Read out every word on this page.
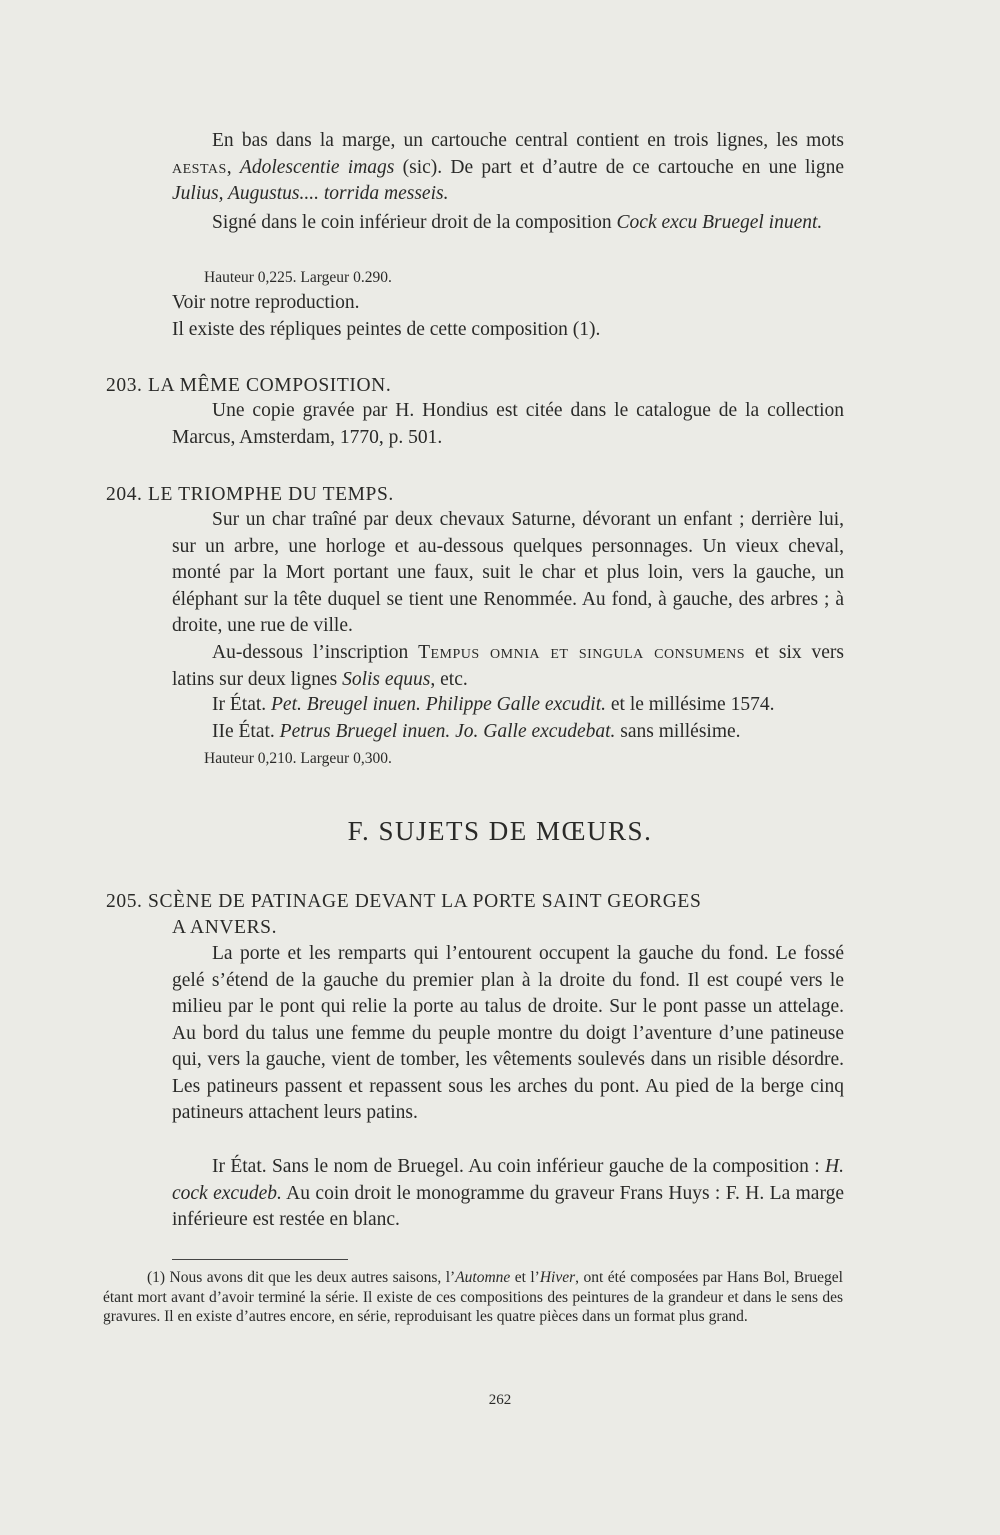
En bas dans la marge, un cartouche central contient en trois lignes, les mots aestas, Adolescentie imags (sic). De part et d’autre de ce cartouche en une ligne Julius, Augustus.... torrida messeis.
Signé dans le coin inférieur droit de la composition Cock excu Bruegel inuent.
Hauteur 0,225. Largeur 0.290.
Voir notre reproduction.
Il existe des répliques peintes de cette composition (1).
203. LA MÊME COMPOSITION.
Une copie gravée par H. Hondius est citée dans le catalogue de la collection Marcus, Amsterdam, 1770, p. 501.
204. LE TRIOMPHE DU TEMPS.
Sur un char traîné par deux chevaux Saturne, dévorant un enfant ; derrière lui, sur un arbre, une horloge et au-dessous quelques personnages. Un vieux cheval, monté par la Mort portant une faux, suit le char et plus loin, vers la gauche, un éléphant sur la tête duquel se tient une Renommée. Au fond, à gauche, des arbres ; à droite, une rue de ville.
Au-dessous l’inscription Tempus omnia et singula consumens et six vers latins sur deux lignes Solis equus, etc.
Ir État. Pet. Breugel inuen. Philippe Galle excudit. et le millésime 1574.
IIe État. Petrus Bruegel inuen. Jo. Galle excudebat. sans millésime.
Hauteur 0,210. Largeur 0,300.
F. SUJETS DE MŒURS.
205. SCÈNE DE PATINAGE DEVANT LA PORTE SAINT GEORGES
A ANVERS.
La porte et les remparts qui l’entourent occupent la gauche du fond. Le fossé gelé s’étend de la gauche du premier plan à la droite du fond. Il est coupé vers le milieu par le pont qui relie la porte au talus de droite. Sur le pont passe un attelage. Au bord du talus une femme du peuple montre du doigt l’aventure d’une patineuse qui, vers la gauche, vient de tomber, les vêtements soulevés dans un risible désordre. Les patineurs passent et repassent sous les arches du pont. Au pied de la berge cinq patineurs attachent leurs patins.
Ir État. Sans le nom de Bruegel. Au coin inférieur gauche de la composition : H. cock excudeb. Au coin droit le monogramme du graveur Frans Huys : F. H. La marge inférieure est restée en blanc.
(1) Nous avons dit que les deux autres saisons, l’Automne et l’Hiver, ont été composées par Hans Bol, Bruegel étant mort avant d’avoir terminé la série. Il existe de ces compositions des peintures de la grandeur et dans le sens des gravures. Il en existe d’autres encore, en série, reproduisant les quatre pièces dans un format plus grand.
262
